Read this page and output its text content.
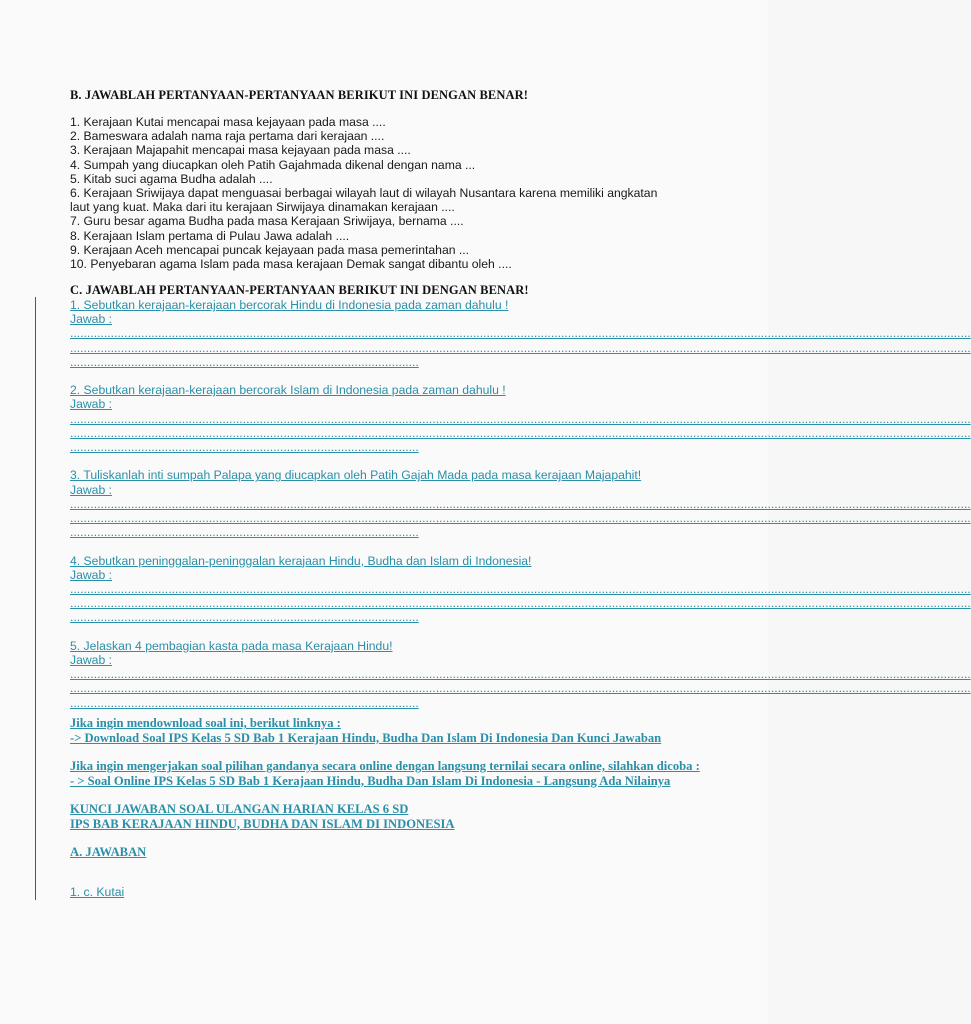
B. JAWABLAH PERTANYAAN-PERTANYAAN BERIKUT INI DENGAN BENAR!
1. Kerajaan Kutai mencapai masa kejayaan pada masa ....
2. Bameswara adalah nama raja pertama dari kerajaan ....
3. Kerajaan Majapahit mencapai masa kejayaan pada masa ....
4. Sumpah yang diucapkan oleh Patih Gajahmada dikenal dengan nama ...
5. Kitab suci agama Budha adalah ....
6. Kerajaan Sriwijaya dapat menguasai berbagai wilayah laut di wilayah Nusantara karena memiliki angkatan
laut yang kuat. Maka dari itu kerajaan Sirwijaya dinamakan kerajaan ....
7. Guru besar agama Budha pada masa Kerajaan Sriwijaya, bernama ....
8. Kerajaan Islam pertama di Pulau Jawa adalah ....
9. Kerajaan Aceh mencapai puncak kejayaan pada masa pemerintahan ...
10. Penyebaran agama Islam pada masa kerajaan Demak sangat dibantu oleh ....
C. JAWABLAH PERTANYAAN-PERTANYAAN BERIKUT INI DENGAN BENAR!
1. Sebutkan kerajaan-kerajaan bercorak Hindu di Indonesia pada zaman dahulu !
Jawab :
..........................................................................................................................................................................................................................................................................
..........................................................................................................................................................................................................................................................................
.......................................................................................................
2. Sebutkan kerajaan-kerajaan bercorak Islam di Indonesia pada zaman dahulu !
Jawab :
..........................................................................................................................................................................................................................................................................
..........................................................................................................................................................................................................................................................................
.......................................................................................................
3. Tuliskanlah inti sumpah Palapa yang diucapkan oleh Patih Gajah Mada pada masa kerajaan Majapahit!
Jawab :
..........................................................................................................................................................................................................................................................................
..........................................................................................................................................................................................................................................................................
.......................................................................................................
4. Sebutkan peninggalan-peninggalan kerajaan Hindu, Budha dan Islam di Indonesia!
Jawab :
..........................................................................................................................................................................................................................................................................
..........................................................................................................................................................................................................................................................................
.......................................................................................................
5. Jelaskan 4 pembagian kasta pada masa Kerajaan Hindu!
Jawab :
..........................................................................................................................................................................................................................................................................
..........................................................................................................................................................................................................................................................................
.......................................................................................................
Jika ingin mendownload soal ini, berikut linknya :
-> Download Soal IPS Kelas 5 SD Bab 1 Kerajaan Hindu, Budha Dan Islam Di Indonesia Dan Kunci Jawaban
Jika ingin mengerjakan soal pilihan gandanya secara online dengan langsung ternilai secara online, silahkan dicoba :
- > Soal Online IPS Kelas 5 SD Bab 1 Kerajaan Hindu, Budha Dan Islam Di Indonesia - Langsung Ada Nilainya
KUNCI JAWABAN SOAL ULANGAN HARIAN KELAS 6 SD
IPS BAB KERAJAAN HINDU, BUDHA DAN ISLAM DI INDONESIA
A. JAWABAN
1. c. Kutai
